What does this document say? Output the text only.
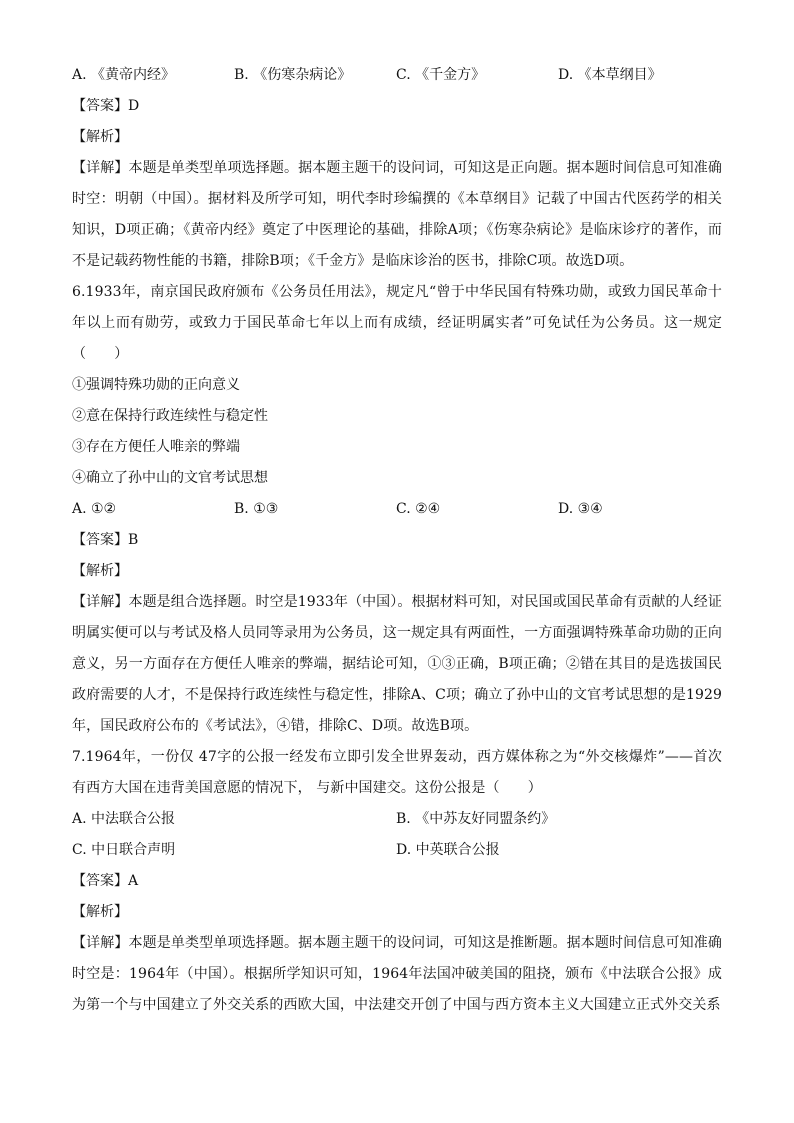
A. 《黄帝内经》	B. 《伤寒杂病论》	C. 《千金方》	D. 《本草纲目》
【答案】D
【解析】
【详解】本题是单类型单项选择题。据本题主题干的设问词，可知这是正向题。据本题时间信息可知准确时空：明朝（中国）。据材料及所学可知，明代李时珍编撰的《本草纲目》记载了中国古代医药学的相关知识，D项正确；《黄帝内经》奠定了中医理论的基础，排除A项；《伤寒杂病论》是临床诊疗的著作，而不是记载药物性能的书籍，排除B项；《千金方》是临床诊治的医书，排除C项。故选D项。
6.1933年，南京国民政府颁布《公务员任用法》，规定凡“曾于中华民国有特殊功勋，或致力国民革命十年以上而有勋劳，或致力于国民革命七年以上而有成绩，经证明属实者”可免试任为公务员。这一规定（　　）
①强调特殊功勋的正向意义
②意在保持行政连续性与稳定性
③存在方便任人唯亲的弊端
④确立了孙中山的文官考试思想
A. ①②	B. ①③	C. ②④	D. ③④
【答案】B
【解析】
【详解】本题是组合选择题。时空是1933年（中国）。根据材料可知，对民国或国民革命有贡献的人经证明属实便可以与考试及格人员同等录用为公务员，这一规定具有两面性，一方面强调特殊革命功勋的正向意义，另一方面存在方便任人唯亲的弊端，据结论可知，①③正确，B项正确；②错在其目的是选拔国民政府需要的人才，不是保持行政连续性与稳定性，排除A、C项；确立了孙中山的文官考试思想的是1929年，国民政府公布的《考试法》，④错，排除C、D项。故选B项。
7.1964年，一份仅 47字的公报一经发布立即引发全世界轰动，西方媒体称之为“外交核爆炸”——首次有西方大国在违背美国意愿的情况下， 与新中国建交。这份公报是（　　）
A. 中法联合公报	B. 《中苏友好同盟条约》
C. 中日联合声明	D. 中英联合公报
【答案】A
【解析】
【详解】本题是单类型单项选择题。据本题主题干的设问词，可知这是推断题。据本题时间信息可知准确时空是：1964年（中国）。根据所学知识可知，1964年法国冲破美国的阻挠，颁布《中法联合公报》成为第一个与中国建立了外交关系的西欧大国，中法建交开创了中国与西方资本主义大国建立正式外交关系
